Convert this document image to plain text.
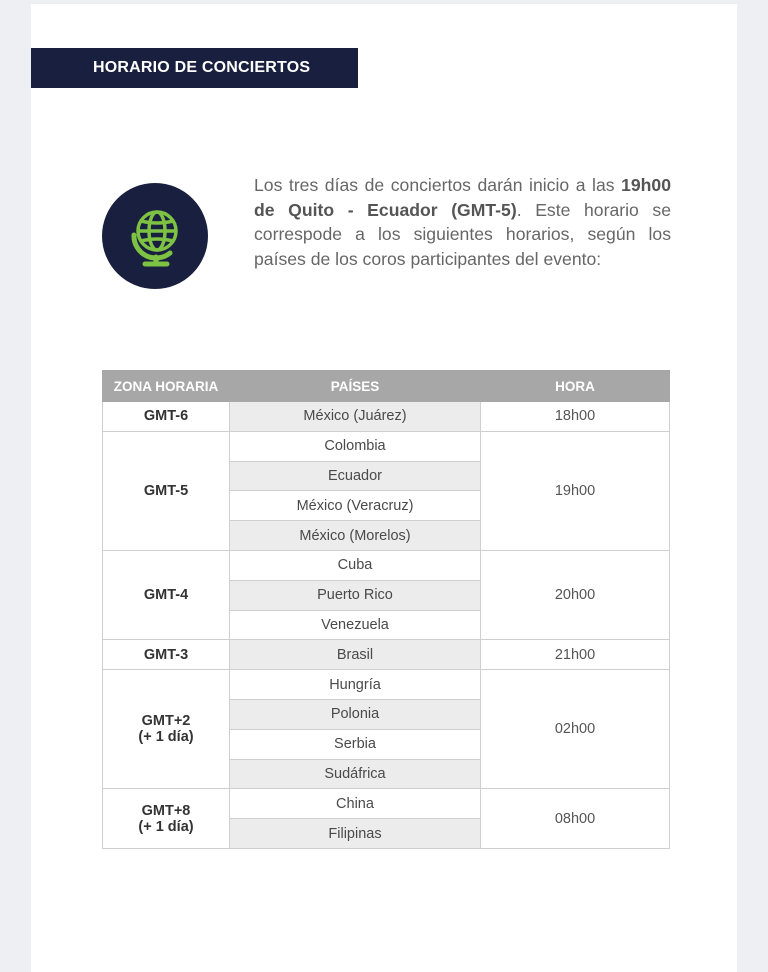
HORARIO DE CONCIERTOS
Los tres días de conciertos darán inicio a las 19h00 de Quito - Ecuador (GMT-5). Este horario se correspode a los siguientes horarios, según los países de los coros participantes del evento:
ZONA HORARIA	PAÍSES	HORA

GMT-6	México (Juárez)	18h00

GMT-5	Colombia	19h00
	Ecuador	
	México (Veracruz)	
	México (Morelos)	

GMT-4	Cuba	20h00
	Puerto Rico	
	Venezuela	

GMT-3	Brasil	21h00

GMT+2
(+ 1 día)	Hungría	02h00
	Polonia	
	Serbia	
	Sudáfrica	

GMT+8
(+ 1 día)	China	08h00
	Filipinas	
